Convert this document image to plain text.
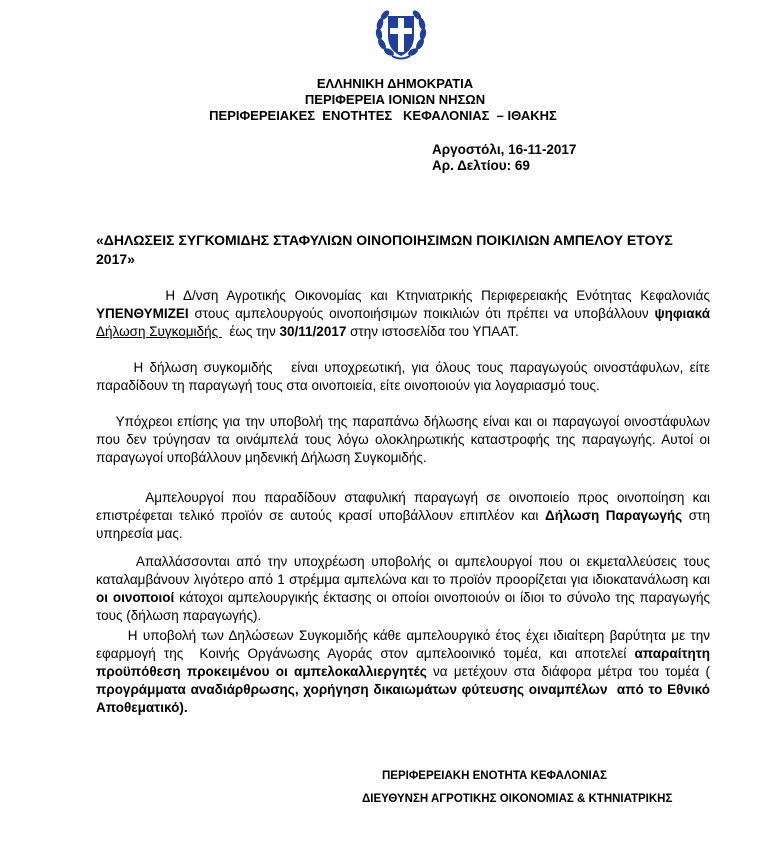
ΕΛΛΗΝΙΚΗ ΔΗΜΟΚΡΑΤΙΑ
ΠΕΡΙΦΕΡΕΙΑ ΙΟΝΙΩΝ ΝΗΣΩΝ
ΠΕΡΙΦΕΡΕΙΑΚΕΣ  ΕΝΟΤΗΤΕΣ   ΚΕΦΑΛΟΝΙΑΣ  – ΙΘΑΚΗΣ
Αργοστόλι, 16-11-2017
Αρ. Δελτίου: 69
«ΔΗΛΩΣΕΙΣ ΣΥΓΚΟΜΙΔΗΣ ΣΤΑΦΥΛΙΩΝ ΟΙΝΟΠΟΙΗΣΙΜΩΝ ΠΟΙΚΙΛΙΩΝ ΑΜΠΕΛΟΥ ΕΤΟΥΣ 2017»
Η Δ/νση Αγροτικής Οικονομίας και Κτηνιατρικής Περιφερειακής Ενότητας Κεφαλονιάς ΥΠΕΝΘΥΜΙΖΕΙ στους αμπελουργούς οινοποιήσιμων ποικιλιών ότι πρέπει να υποβάλλουν ψηφιακά Δήλωση Συγκομιδής   έως την 30/11/2017 στην ιστοσελίδα του ΥΠΑΑΤ.
Η δήλωση συγκομιδής   είναι υποχρεωτική, για όλους τους παραγωγούς οινοστάφυλων, είτε παραδίδουν τη παραγωγή τους στα οινοποιεία, είτε οινοποιούν για λογαριασμό τους.
Υπόχρεοι επίσης για την υποβολή της παραπάνω δήλωσης είναι και οι παραγωγοί οινοστάφυλων που δεν τρύγησαν τα οινάμπελά τους λόγω ολοκληρωτικής καταστροφής της παραγωγής. Αυτοί οι παραγωγοί υποβάλλουν μηδενική Δήλωση Συγκομιδής.
Αμπελουργοί που παραδίδουν σταφυλική παραγωγή σε οινοποιείο προς οινοποίηση και επιστρέφεται τελικό προϊόν σε αυτούς κρασί υποβάλλουν επιπλέον και Δήλωση Παραγωγής στη  υπηρεσία μας.
Απαλλάσσονται από την υποχρέωση υποβολής οι αμπελουργοί που οι εκμεταλλεύσεις τους καταλαμβάνουν λιγότερο από 1 στρέμμα αμπελώνα και το προϊόν προορίζεται για ιδιοκατανάλωση και οι οινοποιοί κάτοχοι αμπελουργικής έκτασης οι οποίοι οινοποιούν οι ίδιοι το σύνολο της παραγωγής τους (δήλωση παραγωγής).
Η υποβολή των Δηλώσεων Συγκομιδής κάθε αμπελουργικό έτος έχει ιδιαίτερη βαρύτητα με την εφαρμογή της  Κοινής Οργάνωσης Αγοράς στον αμπελοοινικό τομέα, και αποτελεί απαραίτητη προϋπόθεση προκειμένου οι αμπελοκαλλιεργητές να μετέχουν στα διάφορα μέτρα του τομέα ( προγράμματα αναδιάρθρωσης, χορήγηση δικαιωμάτων φύτευσης οιναμπέλων  από το Εθνικό Αποθεματικό).
ΠΕΡΙΦΕΡΕΙΑΚΗ ΕΝΟΤΗΤΑ ΚΕΦΑΛΟΝΙΑΣ
ΔΙΕΥΘΥΝΣΗ ΑΓΡΟΤΙΚΗΣ ΟΙΚΟΝΟΜΙΑΣ & ΚΤΗΝΙΑΤΡΙΚΗΣ
